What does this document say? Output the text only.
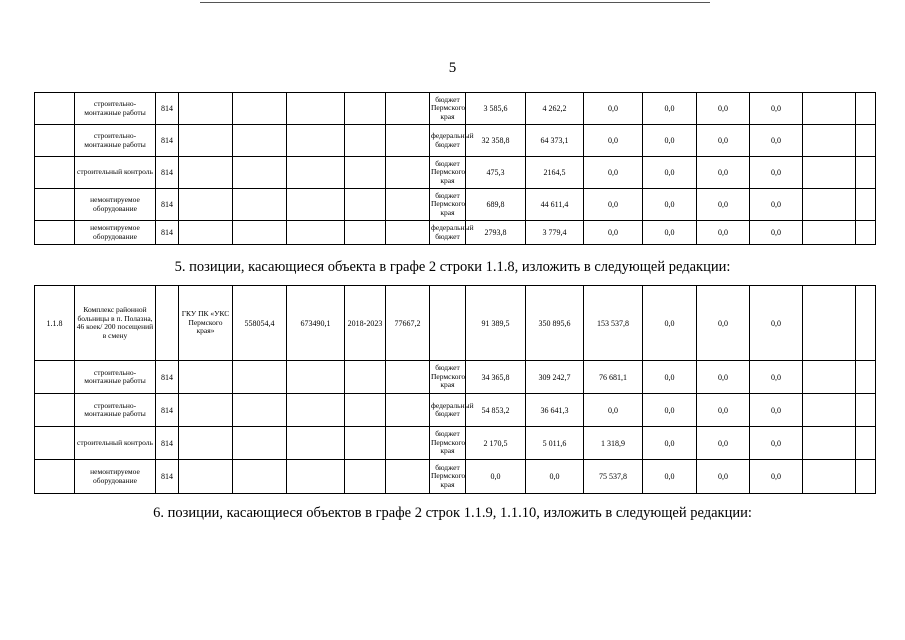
5
	строительно-монтажные работы	814						бюджет Пермского края	3 585,6	4 262,2	0,0	0,0	0,0	0,0		
	строительно-монтажные работы	814						федеральный бюджет	32 358,8	64 373,1	0,0	0,0	0,0	0,0		
	строительный контроль	814						бюджет Пермского края	475,3	2164,5	0,0	0,0	0,0	0,0		
	немонтируемое оборудование	814						бюджет Пермского края	689,8	44 611,4	0,0	0,0	0,0	0,0		
	немонтируемое оборудование	814						федеральный бюджет	2793,8	3 779,4	0,0	0,0	0,0	0,0		
5. позиции, касающиеся объекта в графе 2 строки 1.1.8, изложить в следующей редакции:
1.1.8	Комплекс районной больницы в п. Полазна, 46 коек/ 200 посещений в смену		ГКУ ПК «УКС Пермского края»	558054,4	673490,1	2018-2023	77667,2		91 389,5	350 895,6	153 537,8	0,0	0,0	0,0		
	строительно-монтажные работы	814						бюджет Пермского края	34 365,8	309 242,7	76 681,1	0,0	0,0	0,0		
	строительно-монтажные работы	814						федеральный бюджет	54 853,2	36 641,3	0,0	0,0	0,0	0,0		
	строительный контроль	814						бюджет Пермского края	2 170,5	5 011,6	1 318,9	0,0	0,0	0,0		
	немонтируемое оборудование	814						бюджет Пермского края	0,0	0,0	75 537,8	0,0	0,0	0,0		
6. позиции, касающиеся объектов в графе 2 строк 1.1.9, 1.1.10, изложить в следующей редакции:
